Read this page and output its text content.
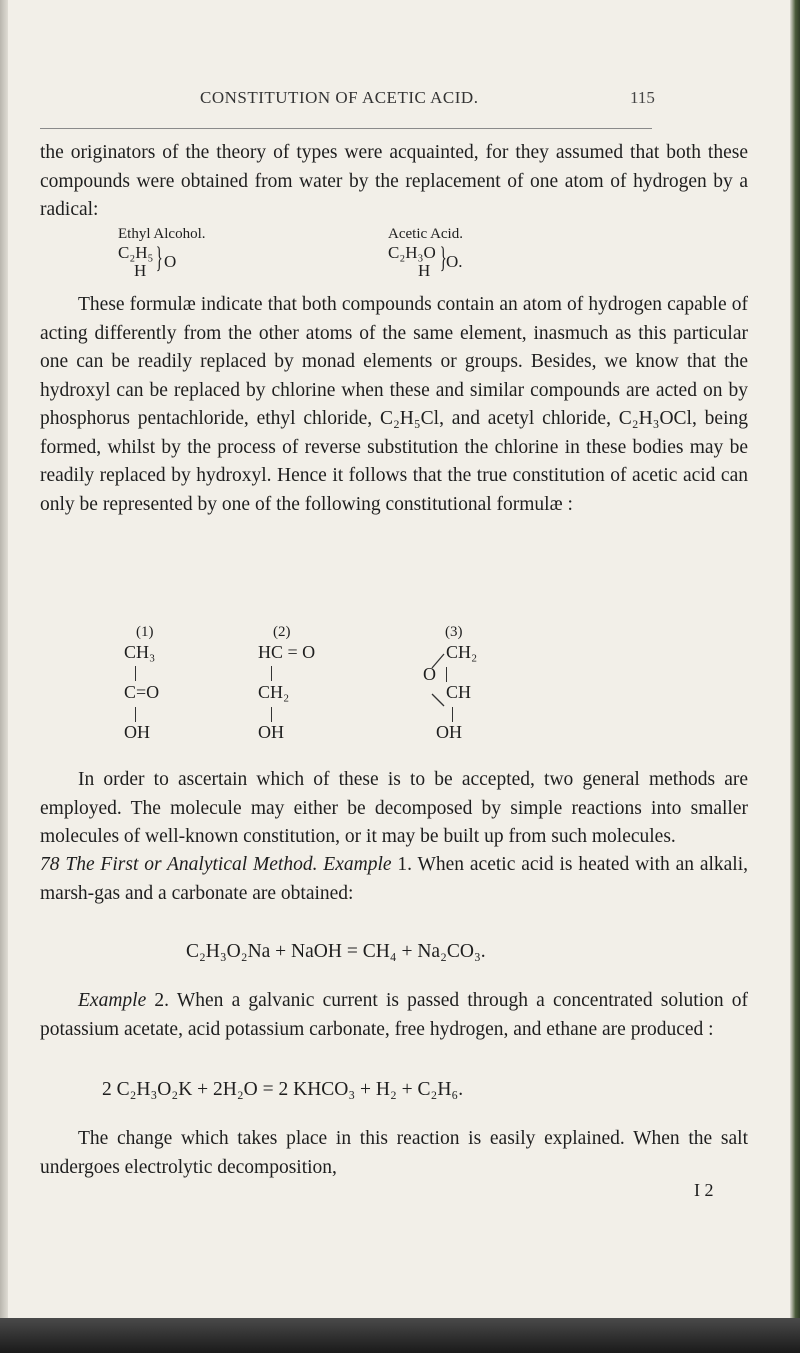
CONSTITUTION OF ACETIC ACID.	115

the originators of the theory of types were acquainted, for they assumed that both these compounds were obtained from water by the replacement of one atom of hydrogen by a radical:

Ethyl Alcohol.	Acetic Acid.
C₂H₅
H } O	C₂H₃O
H } O.

These formulæ indicate that both compounds contain an atom of hydrogen capable of acting differently from the other atoms of the same element, inasmuch as this particular one can be readily replaced by monad elements or groups. Besides, we know that the hydroxyl can be replaced by chlorine when these and similar compounds are acted on by phosphorus pentachloride, ethyl chloride, C₂H₅Cl, and acetyl chloride, C₂H₃OCl, being formed, whilst by the process of reverse substitution the chlorine in these bodies may be readily replaced by hydroxyl. Hence it follows that the true constitution of acetic acid can only be represented by one of the following constitutional formulæ :

(1)	(2)	(3)
CH₃
C=O
OH
HC = O
CH₂
OH
CH₂
O
CH
OH

In order to ascertain which of these is to be accepted, two general methods are employed. The molecule may either be decomposed by simple reactions into smaller molecules of well-known constitution, or it may be built up from such molecules.

78 The First or Analytical Method. Example 1. When acetic acid is heated with an alkali, marsh-gas and a carbonate are obtained:

C₂H₃O₂Na + NaOH = CH₄ + Na₂CO₃.

Example 2. When a galvanic current is passed through a concentrated solution of potassium acetate, acid potassium carbonate, free hydrogen, and ethane are produced :

2 C₂H₃O₂K + 2H₂O = 2 KHCO₃ + H₂ + C₂H₆.

The change which takes place in this reaction is easily explained. When the salt undergoes electrolytic decomposition,

I 2
